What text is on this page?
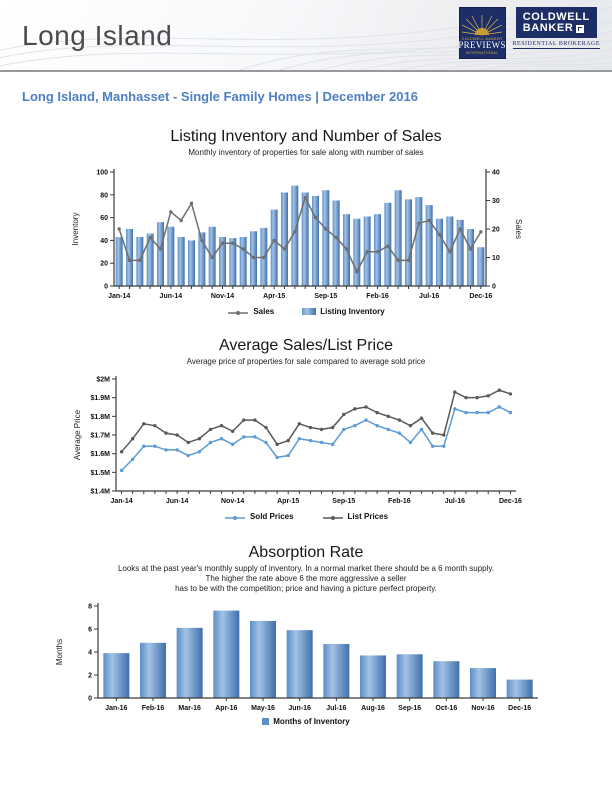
Long Island	COLDWELL BANKER
PREVIEWS
INTERNATIONAL
COLDWELL
BANKER
RESIDENTIAL BROKERAGE
Long Island, Manhasset - Single Family Homes | December 2016
Listing Inventory and Number of Sales
Monthly inventory of properties for sale along with number of sales
0
20
40
60
80
100
Inventory
0
10
20
30
40
Sales
Jan-14	Jun-14	Nov-14	Apr-15	Sep-15	Feb-16	Jul-16	Dec-16
Sales	Listing Inventory
Average Sales/List Price
Average price of properties for sale compared to average sold price
$1.4M
$1.5M
$1.6M
$1.7M
$1.8M
$1.9M
$2M
Average Price
Jan-14	Jun-14	Nov-14	Apr-15	Sep-15	Feb-16	Jul-16	Dec-16
Sold Prices	List Prices
Absorption Rate
Looks at the past year's monthly supply of inventory. In a normal market there should be a 6 month supply.
The higher the rate above 6 the more aggressive a seller
has to be with the competition; price and having a picture perfect property.
0
2
4
6
8
Months
Jan-16 Feb-16 Mar-16 Apr-16 May-16 Jun-16 Jul-16 Aug-16 Sep-16 Oct-16 Nov-16 Dec-16
Months of Inventory
